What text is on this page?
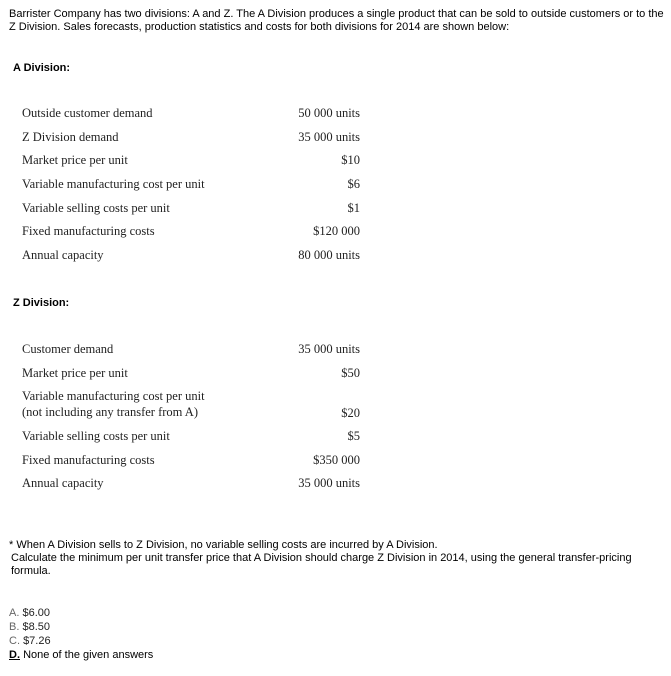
Barrister Company has two divisions: A and Z. The A Division produces a single product that can be sold to outside customers or to the Z Division. Sales forecasts, production statistics and costs for both divisions for 2014 are shown below:
A Division:
Outside customer demand	50 000 units
Z Division demand	35 000 units
Market price per unit	$10
Variable manufacturing cost per unit	$6
Variable selling costs per unit	$1
Fixed manufacturing costs	$120 000
Annual capacity	80 000 units
Z Division:
Customer demand	35 000 units
Market price per unit	$50
Variable manufacturing cost per unit
(not including any transfer from A)	$20
Variable selling costs per unit	$5
Fixed manufacturing costs	$350 000
Annual capacity	35 000 units
* When A Division sells to Z Division, no variable selling costs are incurred by A Division.
Calculate the minimum per unit transfer price that A Division should charge Z Division in 2014, using the general transfer-pricing formula.
A. $6.00
B. $8.50
C. $7.26
D. None of the given answers
